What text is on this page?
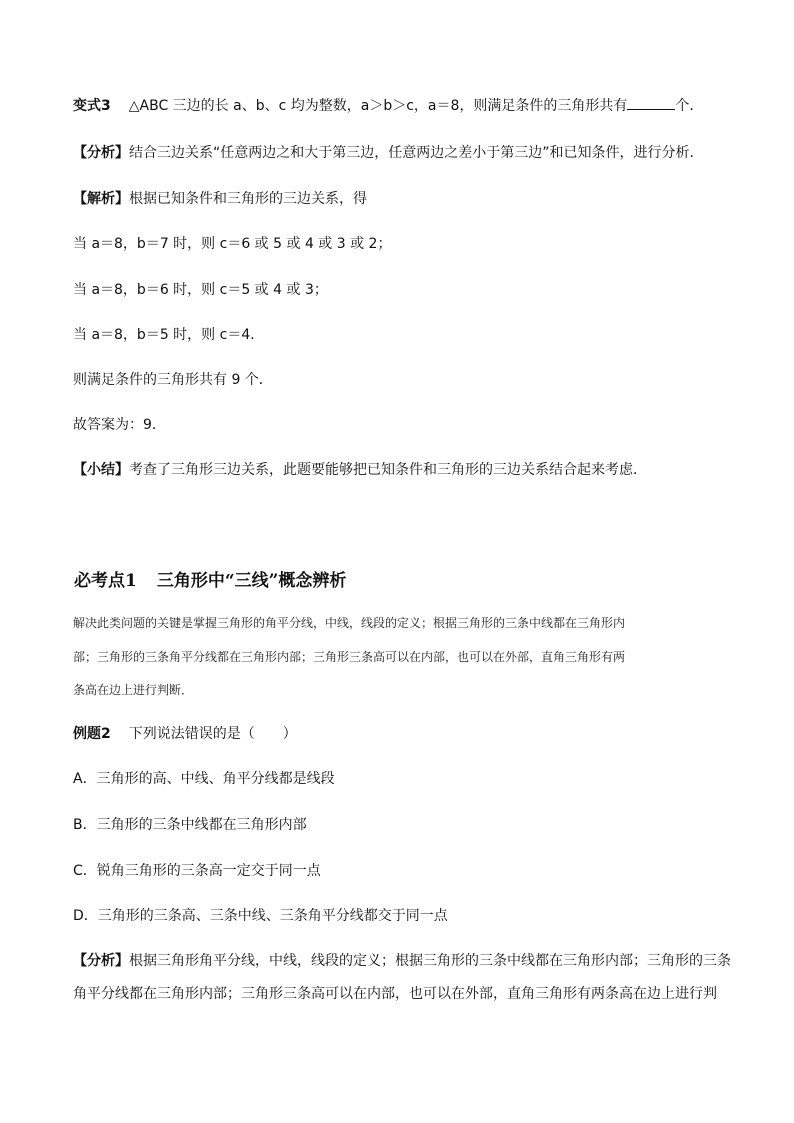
变式3 △ABC 三边的长 a、b、c 均为整数，a＞b＞c，a＝8，则满足条件的三角形共有	个．
【分析】结合三边关系“任意两边之和大于第三边，任意两边之差小于第三边”和已知条件，进行分析．
【解析】根据已知条件和三角形的三边关系，得
当 a＝8，b＝7 时，则 c＝6 或 5 或 4 或 3 或 2；
当 a＝8，b＝6 时，则 c＝5 或 4 或 3；
当 a＝8，b＝5 时，则 c＝4．
则满足条件的三角形共有 9 个．
故答案为：9．
【小结】考查了三角形三边关系，此题要能够把已知条件和三角形的三边关系结合起来考虑．
必考点1 三角形中“三线”概念辨析
解决此类问题的关键是掌握三角形的角平分线，中线，线段的定义；根据三角形的三条中线都在三角形内
部；三角形的三条角平分线都在三角形内部；三角形三条高可以在内部，也可以在外部，直角三角形有两
条高在边上进行判断．
例题2 下列说法错误的是（　　）
A．三角形的高、中线、角平分线都是线段
B．三角形的三条中线都在三角形内部
C．锐角三角形的三条高一定交于同一点
D．三角形的三条高、三条中线、三条角平分线都交于同一点
【分析】根据三角形角平分线，中线，线段的定义；根据三角形的三条中线都在三角形内部；三角形的三条
角平分线都在三角形内部；三角形三条高可以在内部，也可以在外部，直角三角形有两条高在边上进行判
